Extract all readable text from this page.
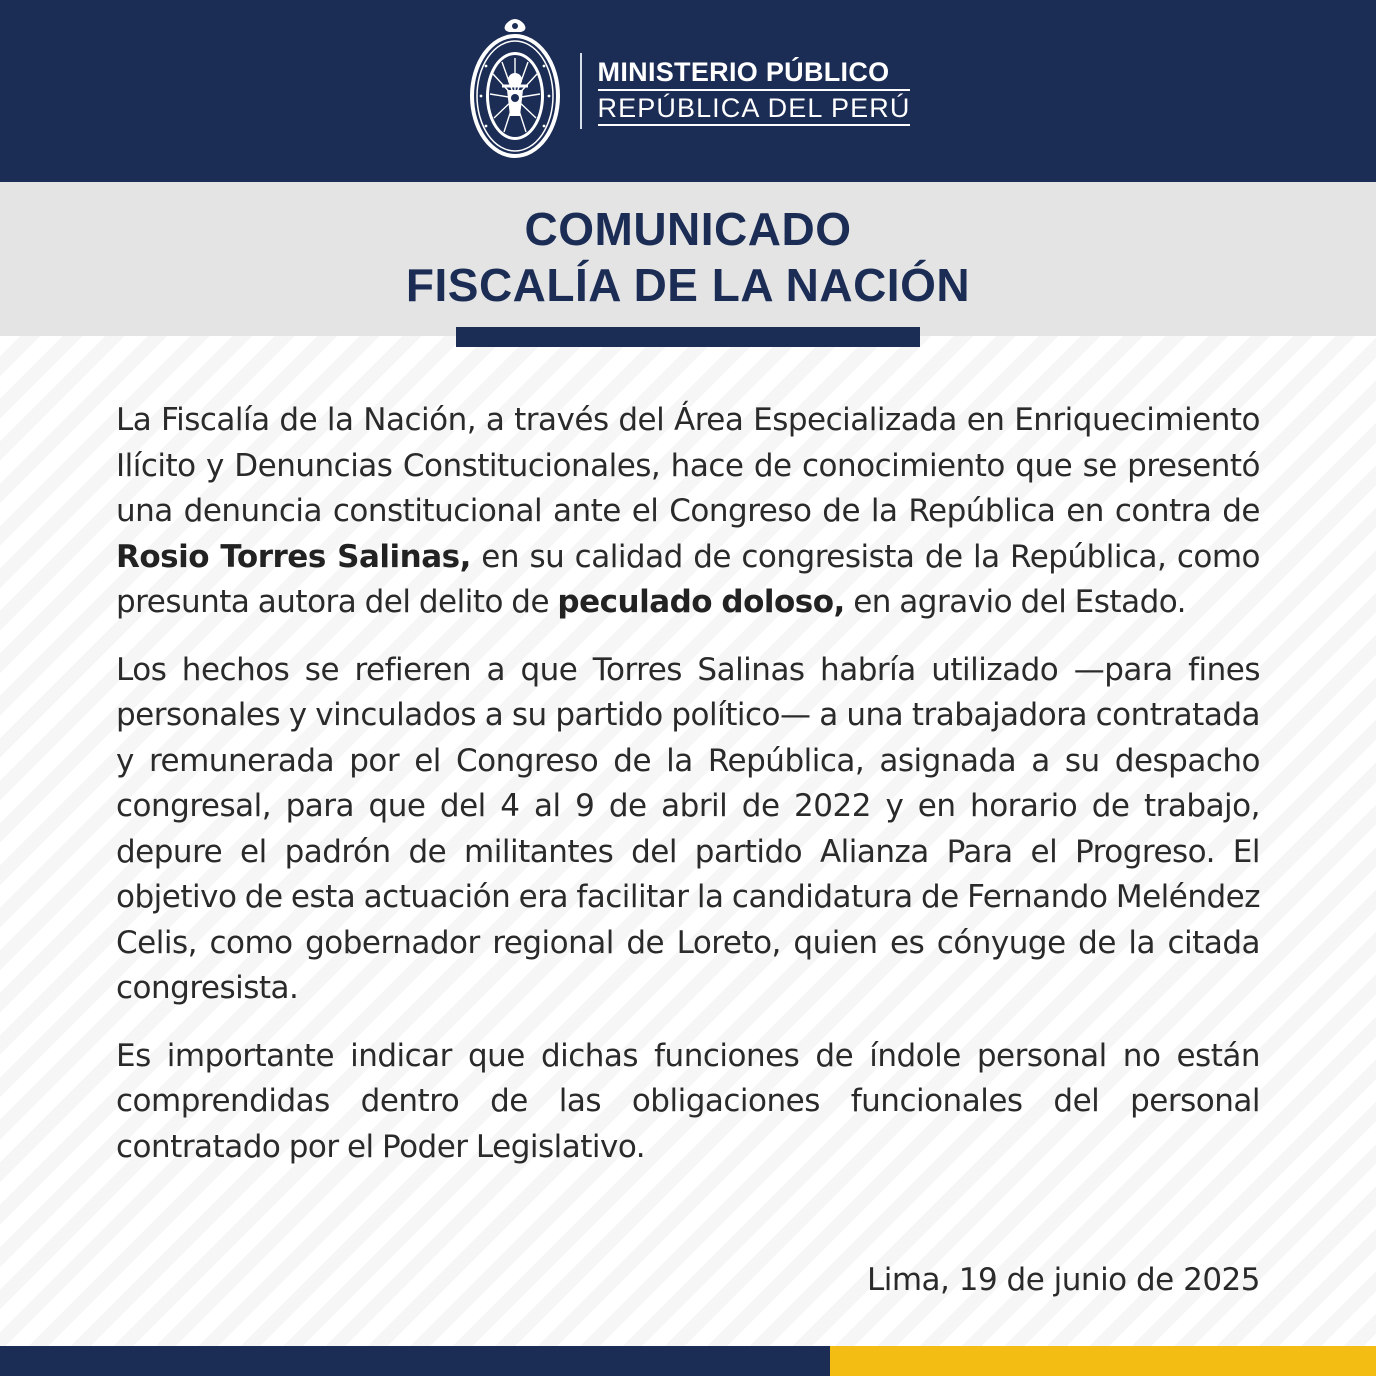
MINISTERIO PÚBLICO
REPÚBLICA DEL PERÚ
COMUNICADO
FISCALÍA DE LA NACIÓN

La Fiscalía de la Nación, a través del Área Especializada en Enriquecimiento Ilícito y Denuncias Constitucionales, hace de conocimiento que se presentó una denuncia constitucional ante el Congreso de la República en contra de Rosio Torres Salinas, en su calidad de congresista de la República, como presunta autora del delito de peculado doloso, en agravio del Estado.

Los hechos se refieren a que Torres Salinas habría utilizado —para fines personales y vinculados a su partido político— a una trabajadora contratada y remunerada por el Congreso de la República, asignada a su despacho congresal, para que del 4 al 9 de abril de 2022 y en horario de trabajo, depure el padrón de militantes del partido Alianza Para el Progreso. El objetivo de esta actuación era facilitar la candidatura de Fernando Meléndez Celis, como gobernador regional de Loreto, quien es cónyuge de la citada congresista.

Es importante indicar que dichas funciones de índole personal no están comprendidas dentro de las obligaciones funcionales del personal contratado por el Poder Legislativo.

Lima, 19 de junio de 2025
